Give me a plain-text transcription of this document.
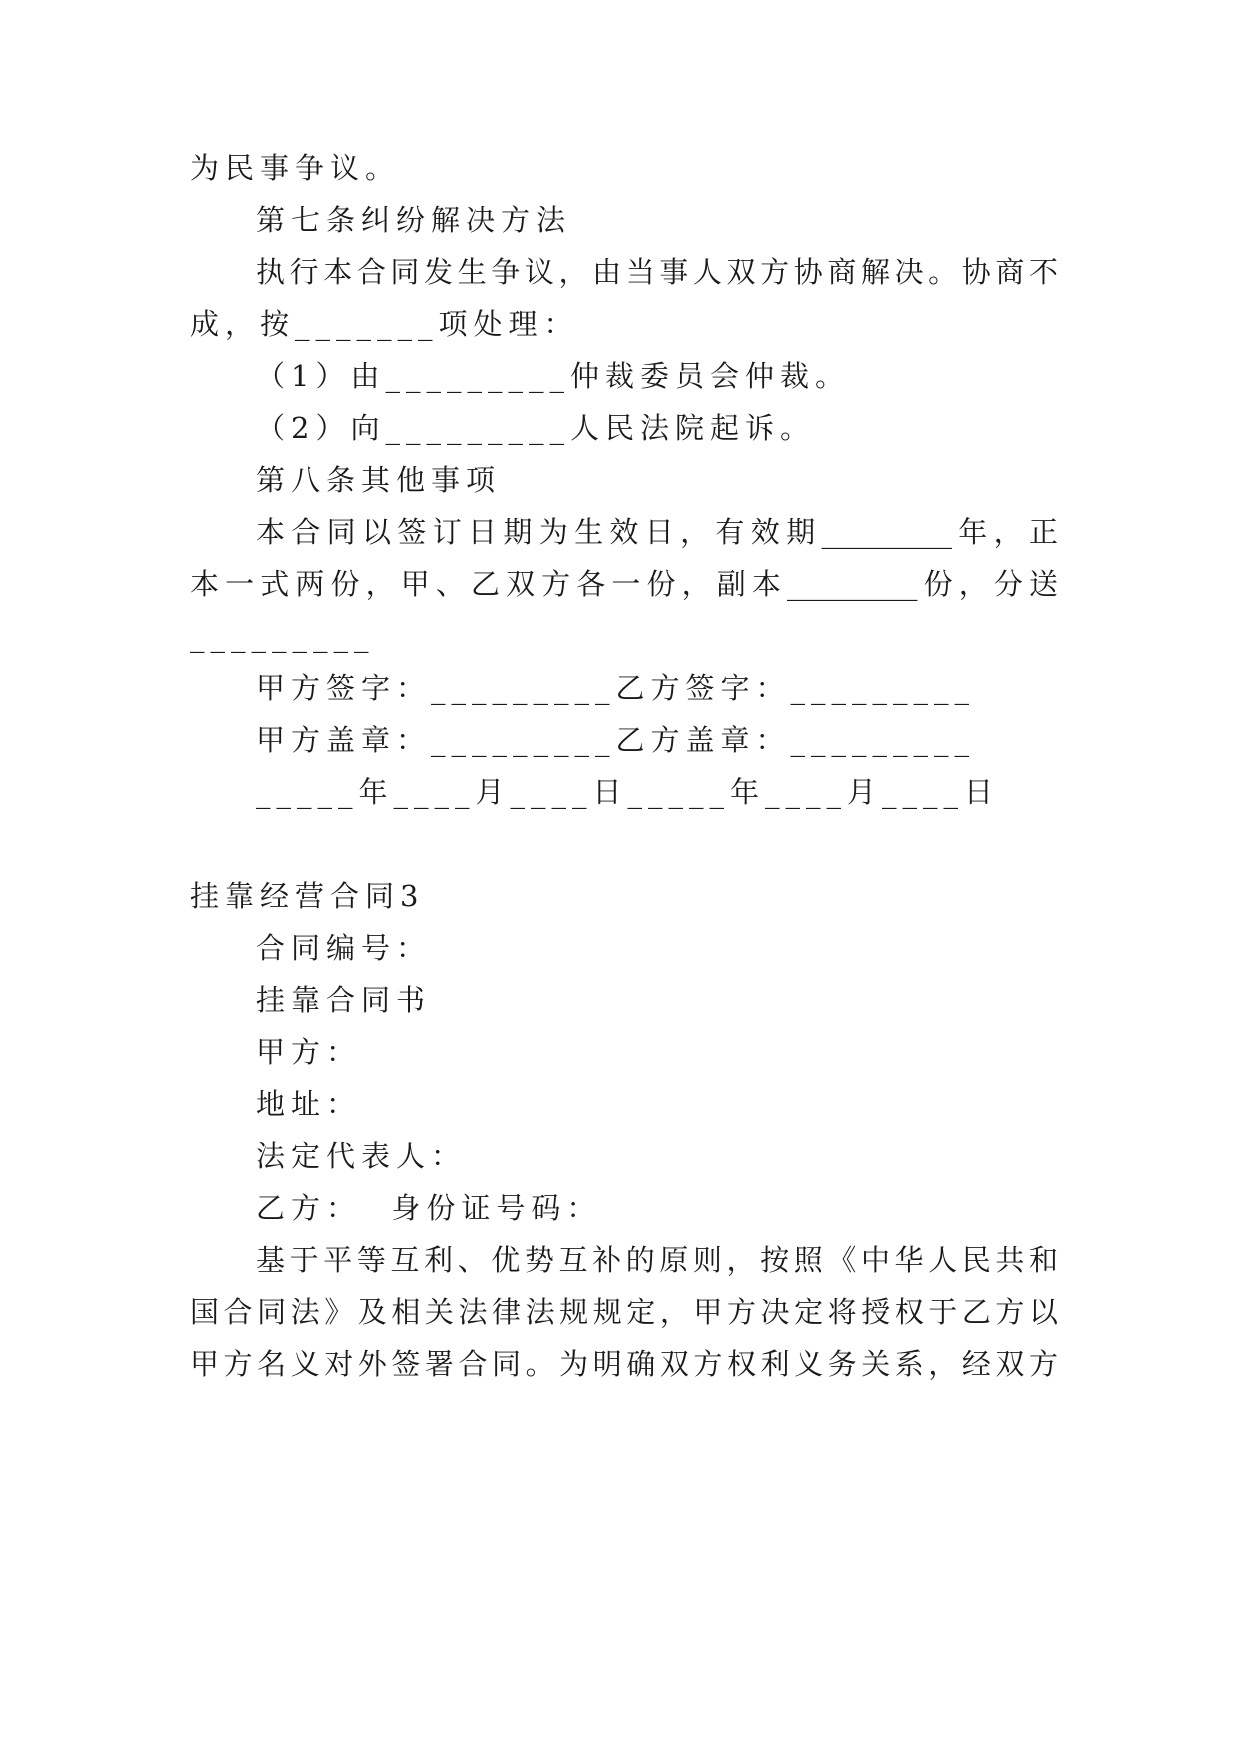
为民事争议。
第七条纠纷解决方法
执行本合同发生争议，由当事人双方协商解决。协商不
成，按_______项处理：
（1）由_________仲裁委员会仲裁。
（2）向_________人民法院起诉。
第八条其他事项
本合同以签订日期为生效日，有效期_________年，正
本一式两份，甲、乙双方各一份，副本_________份，分送
_________
甲方签字：_________乙方签字：_________
甲方盖章：_________乙方盖章：_________
_____年____月____日_____年____月____日
挂靠经营合同3
合同编号：
挂靠合同书
甲方：
地址：
法定代表人：
乙方：  身份证号码：
基于平等互利、优势互补的原则，按照《中华人民共和
国合同法》及相关法律法规规定，甲方决定将授权于乙方以
甲方名义对外签署合同。为明确双方权利义务关系，经双方
